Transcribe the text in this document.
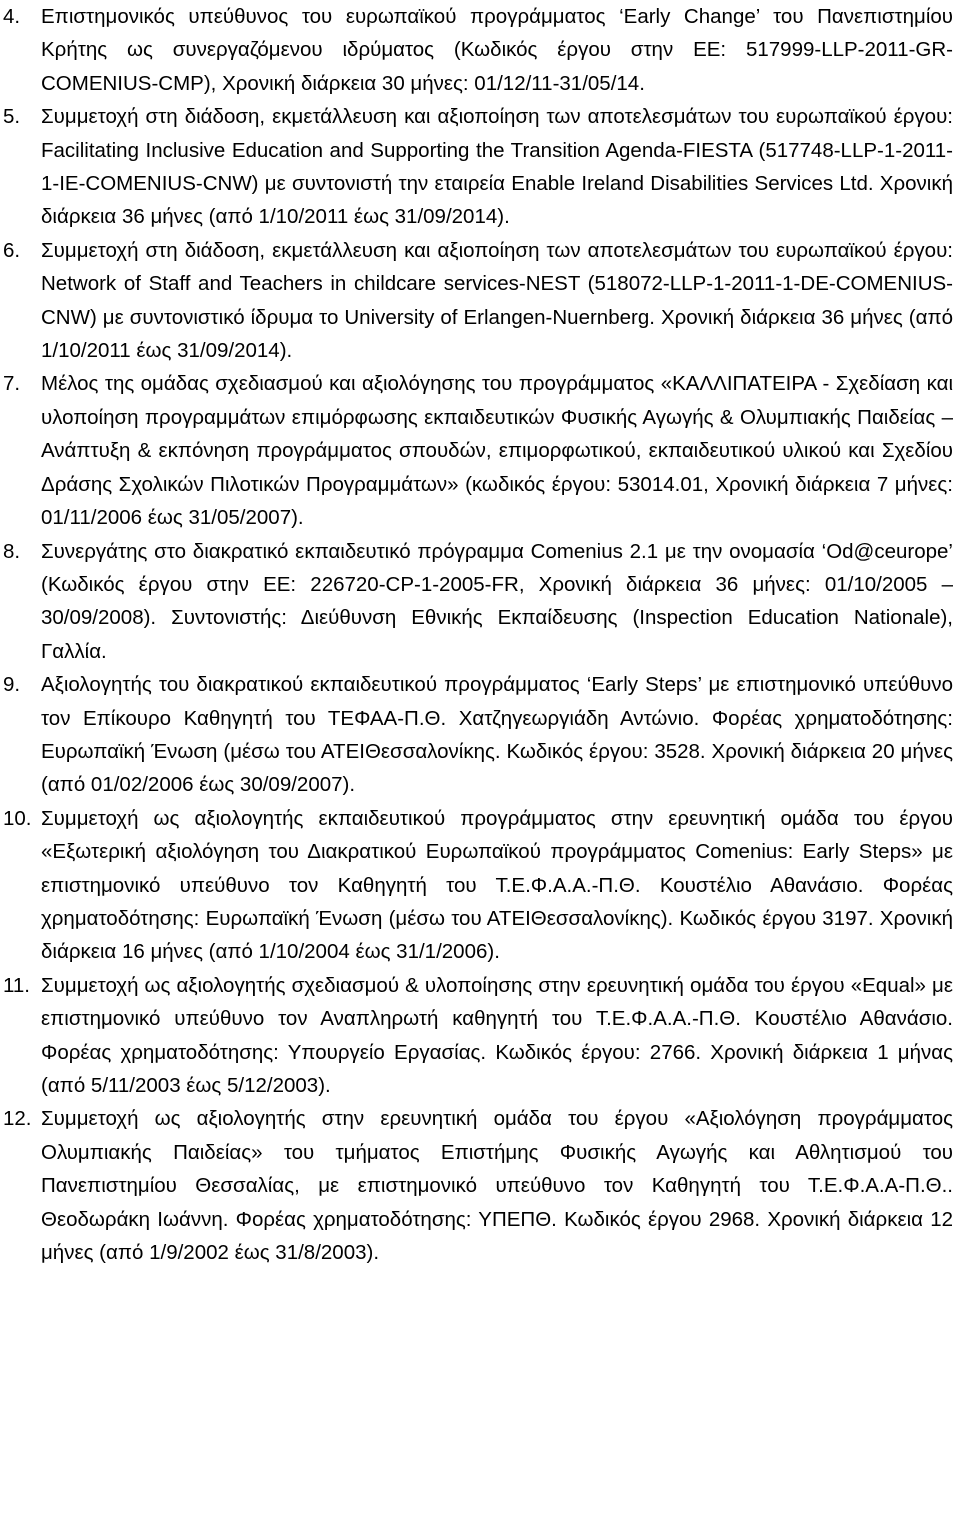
4. Επιστημονικός υπεύθυνος του ευρωπαϊκού προγράμματος ‘Early Change’ του Πανεπιστημίου Κρήτης ως συνεργαζόμενου ιδρύματος (Κωδικός έργου στην ΕΕ: 517999-LLP-2011-GR-COMENIUS-CMP), Χρονική διάρκεια 30 μήνες: 01/12/11-31/05/14.
5. Συμμετοχή στη διάδοση, εκμετάλλευση και αξιοποίηση των αποτελεσμάτων του ευρωπαϊκού έργου: Facilitating Inclusive Education and Supporting the Transition Agenda-FIESTA (517748-LLP-1-2011-1-IE-COMENIUS-CNW) με συντονιστή την εταιρεία Enable Ireland Disabilities Services Ltd. Χρονική διάρκεια 36 μήνες (από 1/10/2011 έως 31/09/2014).
6. Συμμετοχή στη διάδοση, εκμετάλλευση και αξιοποίηση των αποτελεσμάτων του ευρωπαϊκού έργου: Network of Staff and Teachers in childcare services-NEST (518072-LLP-1-2011-1-DE-COMENIUS-CNW) με συντονιστικό ίδρυμα το University of Erlangen-Nuernberg. Χρονική διάρκεια 36 μήνες (από 1/10/2011 έως 31/09/2014).
7. Μέλος της ομάδας σχεδιασμού και αξιολόγησης του προγράμματος «ΚΑΛΛΙΠΑΤΕΙΡΑ - Σχεδίαση και υλοποίηση προγραμμάτων επιμόρφωσης εκπαιδευτικών Φυσικής Αγωγής & Ολυμπιακής Παιδείας – Ανάπτυξη & εκπόνηση προγράμματος σπουδών, επιμορφωτικού, εκπαιδευτικού υλικού και Σχεδίου Δράσης Σχολικών Πιλοτικών Προγραμμάτων» (κωδικός έργου: 53014.01, Χρονική διάρκεια 7 μήνες: 01/11/2006 έως 31/05/2007).
8. Συνεργάτης στο διακρατικό εκπαιδευτικό πρόγραμμα Comenius 2.1 με την ονομασία ‘Od@ceurope’ (Κωδικός έργου στην ΕΕ: 226720-CP-1-2005-FR, Χρονική διάρκεια 36 μήνες: 01/10/2005 – 30/09/2008). Συντονιστής: Διεύθυνση Εθνικής Εκπαίδευσης (Inspection Education Nationale), Γαλλία.
9. Αξιολογητής του διακρατικού εκπαιδευτικού προγράμματος ‘Early Steps’ με επιστημονικό υπεύθυνο τον Επίκουρο Καθηγητή του ΤΕΦΑΑ-Π.Θ. Χατζηγεωργιάδη Αντώνιο. Φορέας χρηματοδότησης: Ευρωπαϊκή Ένωση (μέσω του ΑΤΕΙΘεσσαλονίκης. Κωδικός έργου: 3528. Χρονική διάρκεια 20 μήνες (από 01/02/2006 έως 30/09/2007).
10. Συμμετοχή ως αξιολογητής εκπαιδευτικού προγράμματος στην ερευνητική ομάδα του έργου «Εξωτερική αξιολόγηση του Διακρατικού Ευρωπαϊκού προγράμματος Comenius: Early Steps» με επιστημονικό υπεύθυνο τον Καθηγητή του Τ.Ε.Φ.Α.Α.-Π.Θ. Κουστέλιο Αθανάσιο. Φορέας χρηματοδότησης: Ευρωπαϊκή Ένωση (μέσω του ΑΤΕΙΘεσσαλονίκης). Κωδικός έργου 3197. Χρονική διάρκεια 16 μήνες (από 1/10/2004 έως 31/1/2006).
11. Συμμετοχή ως αξιολογητής σχεδιασμού & υλοποίησης στην ερευνητική ομάδα του έργου «Equal» με επιστημονικό υπεύθυνο τον Αναπληρωτή καθηγητή του Τ.Ε.Φ.Α.Α.-Π.Θ. Κουστέλιο Αθανάσιο. Φορέας χρηματοδότησης: Υπουργείο Εργασίας. Κωδικός έργου: 2766. Χρονική διάρκεια 1 μήνας (από 5/11/2003 έως 5/12/2003).
12. Συμμετοχή ως αξιολογητής στην ερευνητική ομάδα του έργου «Αξιολόγηση προγράμματος Ολυμπιακής Παιδείας» του τμήματος Επιστήμης Φυσικής Αγωγής και Αθλητισμού του Πανεπιστημίου Θεσσαλίας, με επιστημονικό υπεύθυνο τον Καθηγητή του Τ.Ε.Φ.Α.Α-Π.Θ.. Θεοδωράκη Ιωάννη. Φορέας χρηματοδότησης: ΥΠΕΠΘ. Κωδικός έργου 2968. Χρονική διάρκεια 12 μήνες (από 1/9/2002 έως 31/8/2003).
